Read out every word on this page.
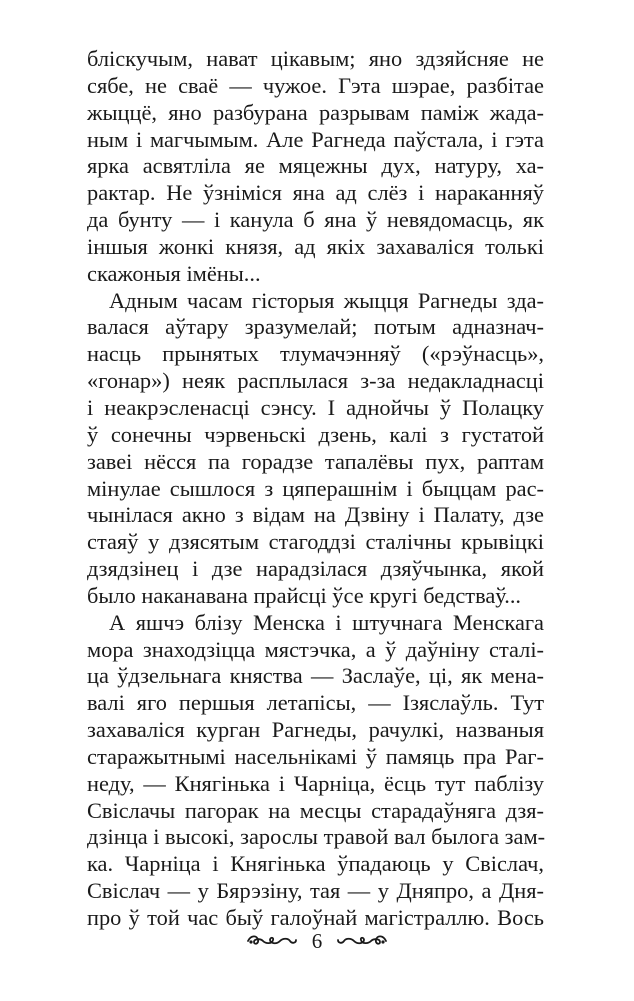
бліскучым, нават цікавым; яно здзяйсняе не
сябе, не сваё — чужое. Гэта шэрае, разбітае
жыццё, яно разбурана разрывам паміж жада-
ным і магчымым. Але Рагнеда паўстала, і гэта
ярка асвятліла яе мяцежны дух, натуру, ха-
рактар. Не ўзнімiся яна ад слёз і нараканняў
да бунту — і канула б яна ў невядомасць, як
іншыя жонкі князя, ад якіх захаваліся толькі
скажоныя імёны...
Адным часам гісторыя жыцця Рагнеды зда-
валася аўтару зразумелай; потым адназнач-
насць прынятых тлумачэнняў («рэўнасць»,
«гонар») неяк расплылася з-за недакладнасці
і неакрэсленасці сэнсу. І аднойчы ў Полацку
ў сонечны чэрвеньскі дзень, калі з густатой
завеі нёсся па горадзе тапалёвы пух, раптам
мінулае сышлося з цяперашнім і быццам рас-
чынілася акно з відам на Дзвіну і Палату, дзе
стаяў у дзясятым стагоддзі сталічны крывіцкі
дзядзінец і дзе нарадзілася дзяўчынка, якой
было наканавана прайсці ўсе кругі бедстваў...
А яшчэ блізу Менска і штучнага Менскага
мора знаходзіцца мястэчка, а ў даўніну сталі-
ца ўдзельнага княства — Заслаўе, ці, як мена-
валі яго першыя летапісы, — Ізяслаўль. Тут
захаваліся курган Рагнеды, рачулкі, названыя
старажытнымі насельнікамі ў памяць пра Раг-
неду, — Княгінька і Чарніца, ёсць тут паблізу
Свіслачы пагорак на месцы старадаўняга дзя-
дзінца і высокі, зарослы травой вал былога зам-
ка. Чарніца і Княгінька ўпадаюць у Свіслач,
Свіслач — у Бярэзіну, тая — у Дняпро, а Дня-
про ў той час быў галоўнай магістраллю. Вось
6
